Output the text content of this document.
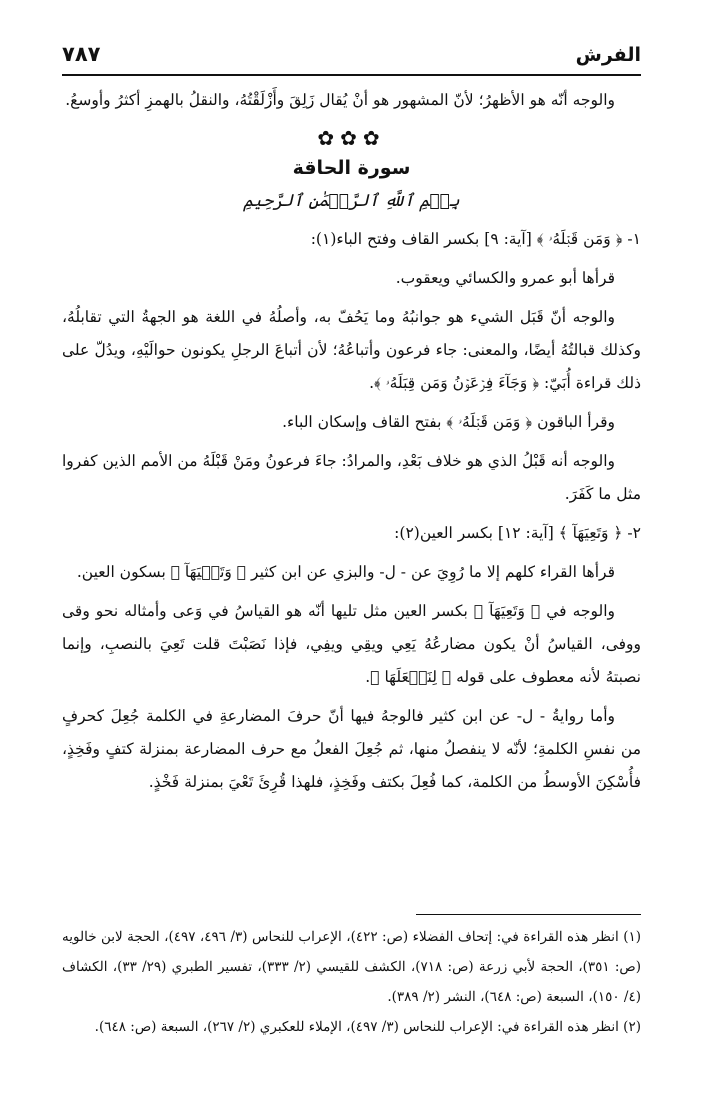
الفرش
٧٨٧

والوجه أنّه هو الأظهرُ؛ لأنّ المشهور هو أنْ يُقال زَلِقَ وأَزْلَقْتُهُ، والنقلُ بالهمزِ أكثرُ وأوسعُ.

✿✿✿
سورة الحاقة
بِسۡمِ ٱللَّهِ ٱلرَّحۡمَٰنِ ٱلرَّحِيمِ

١- ﴿ وَمَن قَبۡلَهُۥ ﴾ [آية: ٩] بكسر القاف وفتح الباء(١):

قرأها أبو عمرو والكسائي ويعقوب.

والوجه أنّ قَبَل الشيء هو جوانبُهُ وما يَحُفّ به، وأصلُهُ في اللغة هو الجهةُ التي تقابلُهُ، وكذلك قبالتُهُ أيضًا، والمعنى: جاء فرعون وأتباعُهُ؛ لأن أتباعَ الرجلِ يكونون حوالَيْهِ، ويدُلّ على ذلك قراءة أُبَيّ: ﴿ وَجَآءَ فِرۡعَوۡنُ وَمَن قِبَلَهُۥ ﴾.

وقرأ الباقون ﴿ وَمَن قَبۡلَهُۥ ﴾ بفتح القاف وإسكان الباء.

والوجه أنه قَبْلُ الذي هو خلاف بَعْدِ، والمرادُ: جاءَ فرعونُ ومَنْ قَبْلَهُ من الأمم الذين كفروا مثل ما كَفَرَ.

٢- ﴿ وَتَعِيَهَآ ﴾ [آية: ١٢] بكسر العين(٢):

قرأها القراء كلهم إلا ما رُوِيَ عن - ل- والبزي عن ابن كثير ﴿ وَتَعۡيَهَآ ﴾ بسكون العين.

والوجه في ﴿ وَتَعِيَهَآ ﴾ بكسر العين مثل تليها أنّه هو القياسُ في وَعى وأمثاله نحو وقى ووفى، القياسُ أنْ يكون مضارعُهُ يَعِي ويقِي ويفِي، فإذا نَصَبْتَ قلت تَعِيَ بالنصبِ، وإنما نصبتهُ لأنه معطوف على قوله ﴿ لِنَجۡعَلَهَا ﴾.

وأما روايةُ - ل- عن ابن كثير فالوجهُ فيها أنّ حرفَ المضارعةِ في الكلمة جُعِلَ كحرفٍ من نفسِ الكلمةِ؛ لأنّه لا ينفصلُ منها، ثم جُعِلَ الفعلُ مع حرف المضارعة بمنزلة كتفٍ وفَخِذٍ، فأُسْكِنَ الأوسطُ من الكلمة، كما فُعِلَ بكتف وفَخِذٍ، فلهذا قُرِئَ تَعْيَ بمنزلة فَخْذٍ.

(١) انظر هذه القراءة في: إتحاف الفضلاء (ص: ٤٢٢)، الإعراب للنحاس (٣/ ٤٩٦، ٤٩٧)، الحجة لابن خالويه (ص: ٣٥١)، الحجة لأبي زرعة (ص: ٧١٨)، الكشف للقيسي (٢/ ٣٣٣)، تفسير الطبري (٢٩/ ٣٣)، الكشاف (٤/ ١٥٠)، السبعة (ص: ٦٤٨)، النشر (٢/ ٣٨٩).

(٢) انظر هذه القراءة في: الإعراب للنحاس (٣/ ٤٩٧)، الإملاء للعكبري (٢/ ٢٦٧)، السبعة (ص: ٦٤٨).
